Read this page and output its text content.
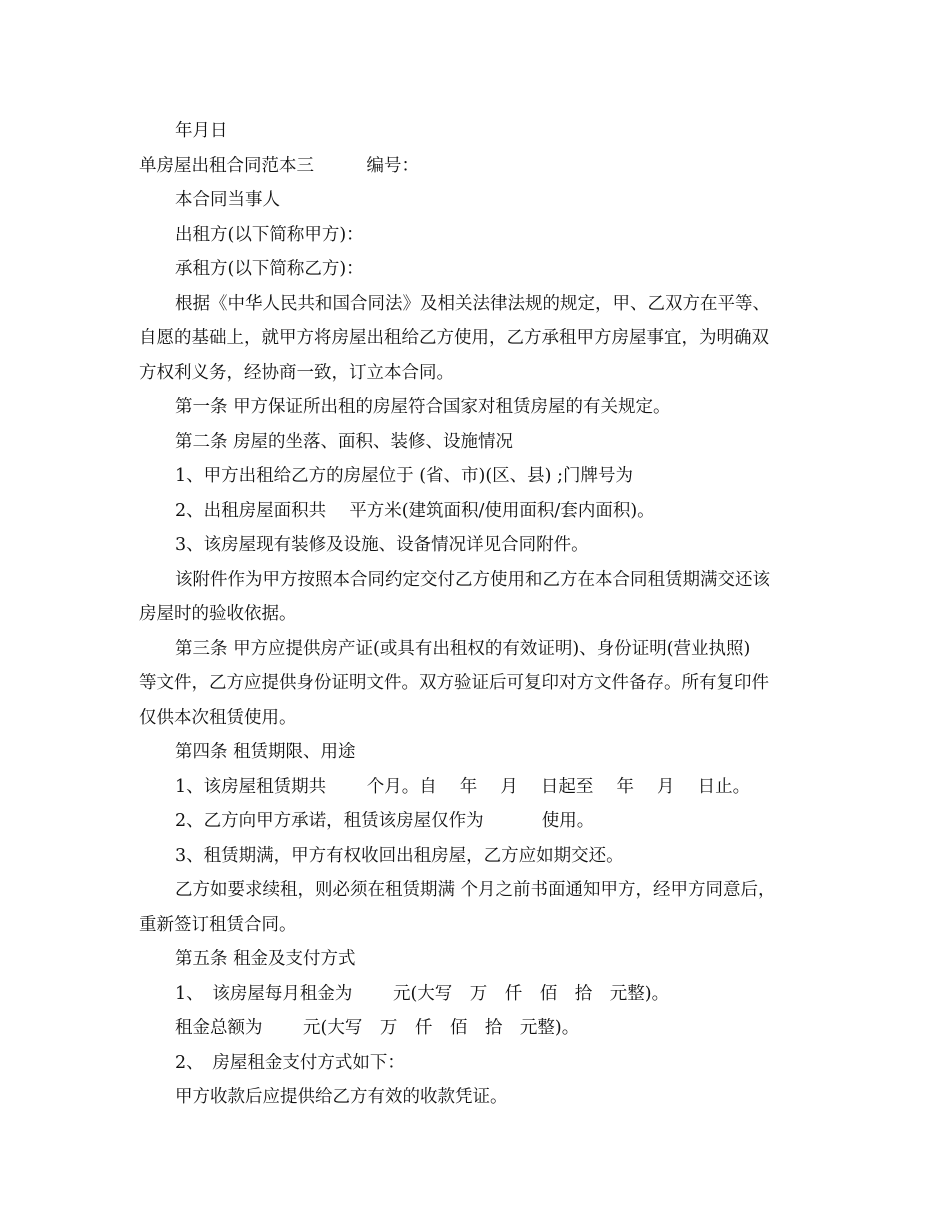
年月日
单房屋出租合同范本三　　　编号：
本合同当事人
出租方(以下简称甲方)：
承租方(以下简称乙方)：
根据《中华人民共和国合同法》及相关法律法规的规定，甲、乙双方在平等、
自愿的基础上，就甲方将房屋出租给乙方使用，乙方承租甲方房屋事宜，为明确双
方权利义务，经协商一致，订立本合同。
第一条 甲方保证所出租的房屋符合国家对租赁房屋的有关规定。
第二条 房屋的坐落、面积、装修、设施情况
1、甲方出租给乙方的房屋位于 (省、市)(区、县) ;门牌号为
2、出租房屋面积共　 平方米(建筑面积/使用面积/套内面积)。
3、该房屋现有装修及设施、设备情况详见合同附件。
该附件作为甲方按照本合同约定交付乙方使用和乙方在本合同租赁期满交还该
房屋时的验收依据。
第三条 甲方应提供房产证(或具有出租权的有效证明)、身份证明(营业执照)
等文件，乙方应提供身份证明文件。双方验证后可复印对方文件备存。所有复印件
仅供本次租赁使用。
第四条 租赁期限、用途
1、该房屋租赁期共　　 个月。自　 年　 月　 日起至　 年　 月　 日止。
2、乙方向甲方承诺，租赁该房屋仅作为　　　 使用。
3、租赁期满，甲方有权收回出租房屋，乙方应如期交还。
乙方如要求续租，则必须在租赁期满 个月之前书面通知甲方，经甲方同意后，
重新签订租赁合同。
第五条 租金及支付方式
1、　该房屋每月租金为　　 元(大写　万　仟　佰　拾　元整)。
租金总额为　　 元(大写　万　仟　佰　拾　元整)。
2、　房屋租金支付方式如下：
甲方收款后应提供给乙方有效的收款凭证。
